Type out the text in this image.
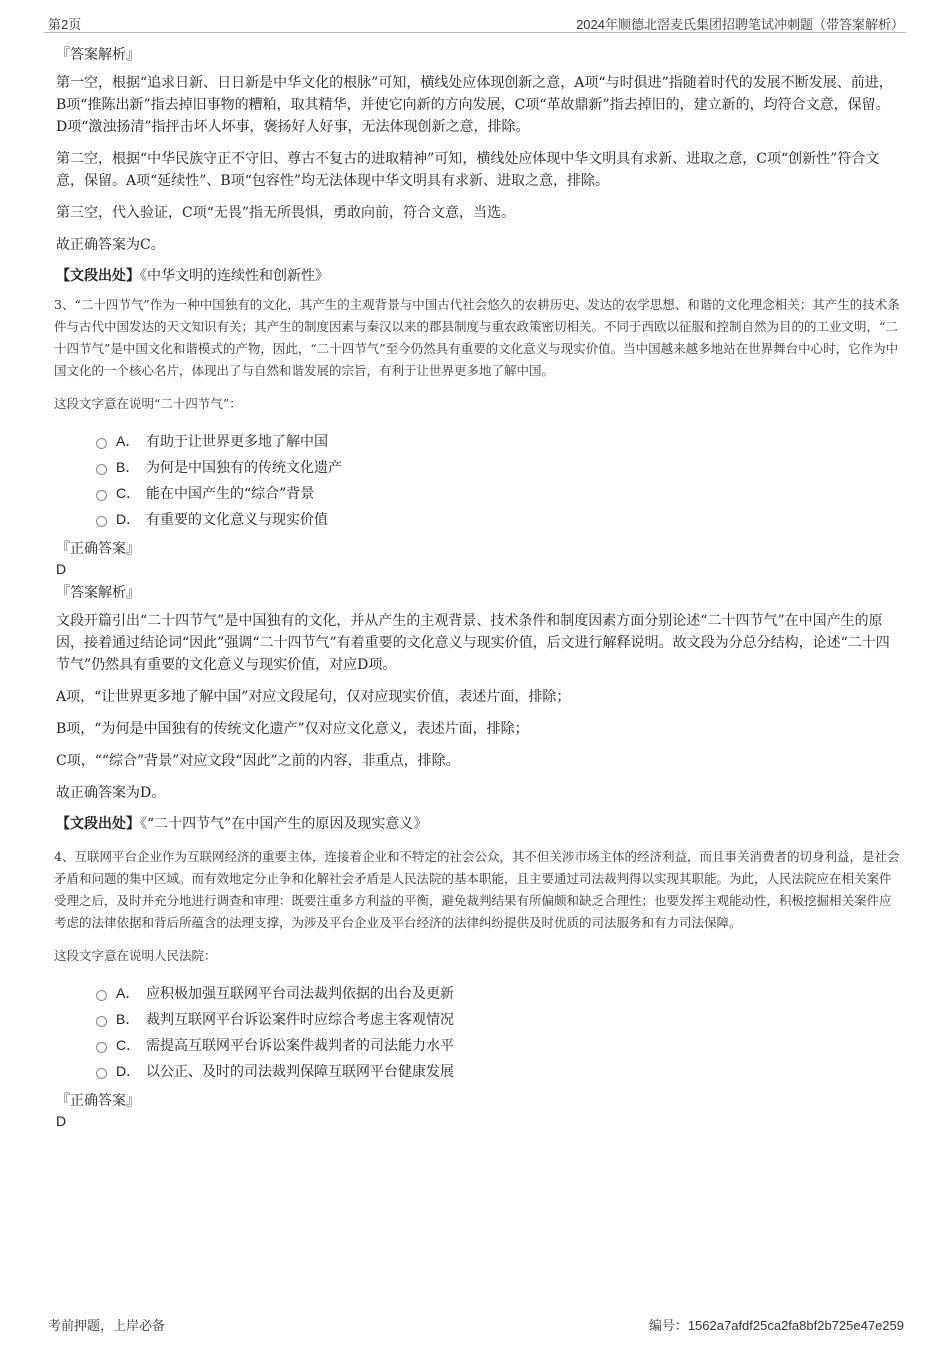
第2页	2024年顺德北滘麦氏集团招聘笔试冲刺题（带答案解析）
『答案解析』

第一空，根据“追求日新、日日新是中华文化的根脉”可知，横线处应体现创新之意，A项“与时俱进”指随着时代的发展不断发展、前进，B项“推陈出新”指去掉旧事物的糟粕，取其精华，并使它向新的方向发展，C项“革故鼎新”指去掉旧的，建立新的，均符合文意，保留。D项“激浊扬清”指抨击坏人坏事，褒扬好人好事，无法体现创新之意，排除。

第二空，根据“中华民族守正不守旧、尊古不复古的进取精神”可知，横线处应体现中华文明具有求新、进取之意，C项“创新性”符合文意，保留。A项“延续性”、B项“包容性”均无法体现中华文明具有求新、进取之意，排除。

第三空，代入验证，C项“无畏”指无所畏惧，勇敢向前，符合文意，当选。

故正确答案为C。

【文段出处】《中华文明的连续性和创新性》

3、“二十四节气”作为一种中国独有的文化，其产生的主观背景与中国古代社会悠久的农耕历史、发达的农学思想、和谐的文化理念相关；其产生的技术条件与古代中国发达的天文知识有关；其产生的制度因素与秦汉以来的郡县制度与重农政策密切相关。不同于西欧以征服和控制自然为目的的工业文明，“二十四节气”是中国文化和谐模式的产物，因此，“二十四节气”至今仍然具有重要的文化意义与现实价值。当中国越来越多地站在世界舞台中心时，它作为中国文化的一个核心名片，体现出了与自然和谐发展的宗旨，有利于让世界更多地了解中国。

这段文字意在说明“二十四节气”：

A． 有助于让世界更多地了解中国
B． 为何是中国独有的传统文化遗产
C． 能在中国产生的“综合”背景
D． 有重要的文化意义与现实价值
『正确答案』
D
『答案解析』

文段开篇引出“二十四节气”是中国独有的文化，并从产生的主观背景、技术条件和制度因素方面分别论述“二十四节气”在中国产生的原因，接着通过结论词“因此”强调“二十四节气”有着重要的文化意义与现实价值，后文进行解释说明。故文段为分总分结构，论述“二十四节气”仍然具有重要的文化意义与现实价值，对应D项。

A项，“让世界更多地了解中国”对应文段尾句，仅对应现实价值，表述片面，排除；

B项，“为何是中国独有的传统文化遗产”仅对应文化意义，表述片面，排除；

C项，““综合”背景”对应文段“因此”之前的内容，非重点，排除。

故正确答案为D。

【文段出处】《“二十四节气”在中国产生的原因及现实意义》

4、互联网平台企业作为互联网经济的重要主体，连接着企业和不特定的社会公众，其不但关涉市场主体的经济利益，而且事关消费者的切身利益，是社会矛盾和问题的集中区域。而有效地定分止争和化解社会矛盾是人民法院的基本职能，且主要通过司法裁判得以实现其职能。为此，人民法院应在相关案件受理之后，及时并充分地进行调查和审理：既要注重多方利益的平衡，避免裁判结果有所偏颇和缺乏合理性；也要发挥主观能动性，积极挖掘相关案件应考虑的法律依据和背后所蕴含的法理支撑，为涉及平台企业及平台经济的法律纠纷提供及时优质的司法服务和有力司法保障。

这段文字意在说明人民法院：

A． 应积极加强互联网平台司法裁判依据的出台及更新
B． 裁判互联网平台诉讼案件时应综合考虑主客观情况
C． 需提高互联网平台诉讼案件裁判者的司法能力水平
D． 以公正、及时的司法裁判保障互联网平台健康发展
『正确答案』
D
考前押题，上岸必备	编号：1562a7afdf25ca2fa8bf2b725e47e259
